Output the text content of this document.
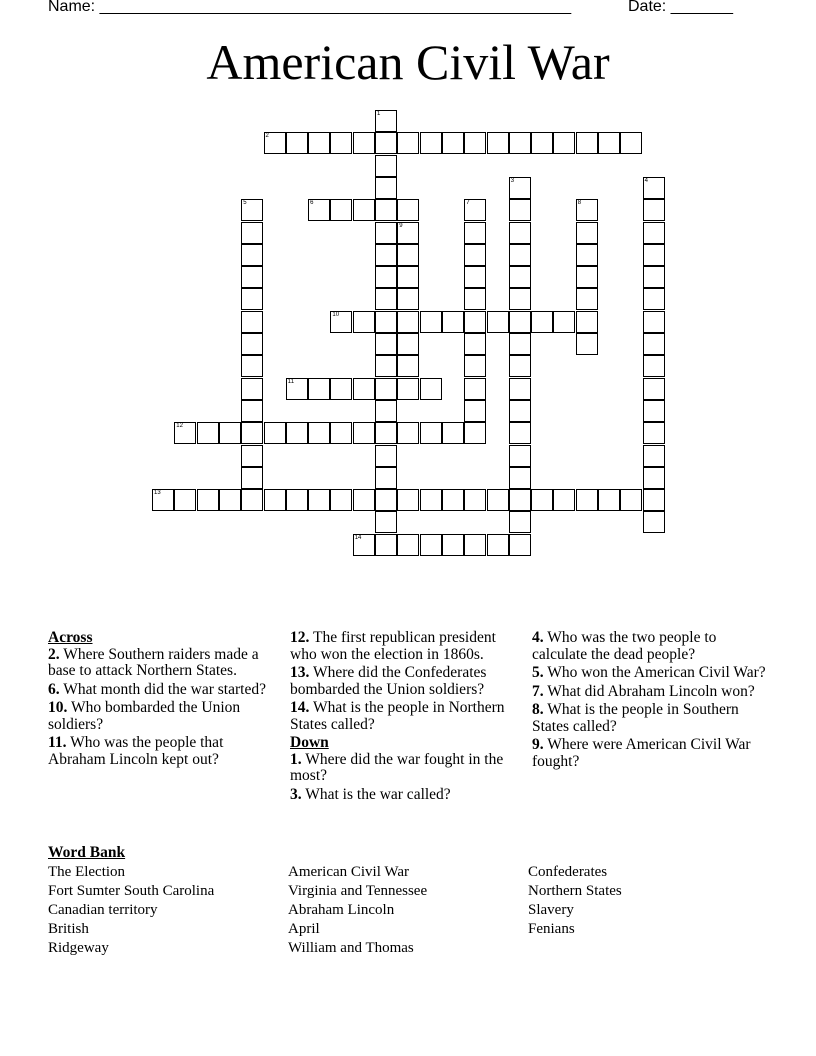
Name: _____________________________________________________	Date: _______
American Civil War
1
2
3	4
5	6	7	8
9
10
11
12
13
14
Across
2. Where Southern raiders made a base to attack Northern States.
6. What month did the war started?
10. Who bombarded the Union soldiers?
11. Who was the people that Abraham Lincoln kept out?
12. The first republican president who won the election in 1860s.
13. Where did the Confederates bombarded the Union soldiers?
14. What is the people in Northern States called?
Down
1. Where did the war fought in the most?
3. What is the war called?
4. Who was the two people to calculate the dead people?
5. Who won the American Civil War?
7. What did Abraham Lincoln won?
8. What is the people in Southern States called?
9. Where were American Civil War fought?
Word Bank
The Election
Fort Sumter South Carolina
Canadian territory
British
Ridgeway
American Civil War
Virginia and Tennessee
Abraham Lincoln
April
William and Thomas
Confederates
Northern States
Slavery
Fenians
